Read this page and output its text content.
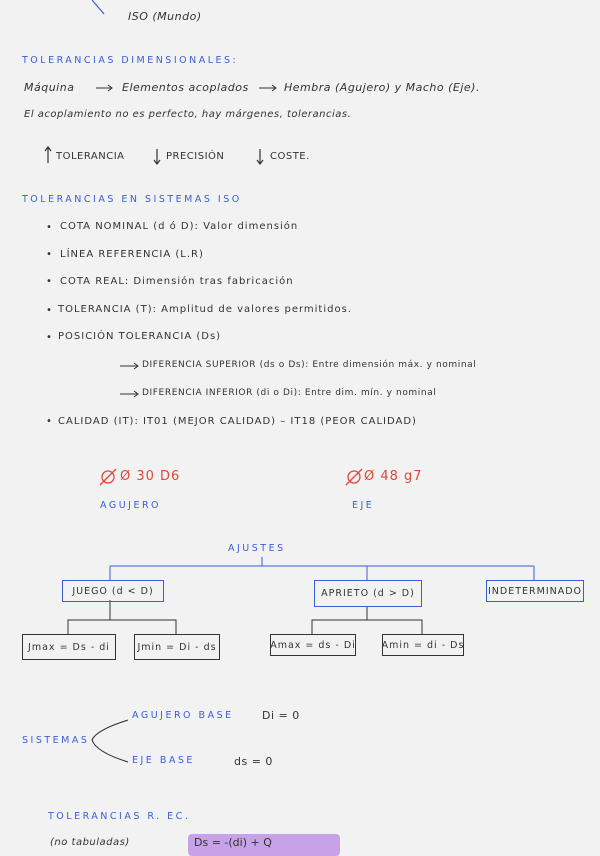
ISO (Mundo)
TOLERANCIAS DIMENSIONALES:
Máquina	Elementos acoplados	Hembra (Agujero) y Macho (Eje).
El acoplamiento no es perfecto, hay márgenes, tolerancias.
TOLERANCIA	PRECISIÓN	COSTE.
TOLERANCIAS EN SISTEMAS ISO
• COTA NOMINAL (d ó D): Valor dimensión
• LÍNEA REFERENCIA (L.R)
• COTA REAL: Dimensión tras fabricación
• TOLERANCIA (T): Amplitud de valores permitidos.
• POSICIÓN TOLERANCIA (Ds)
DIFERENCIA SUPERIOR (ds o Ds): Entre dimensión máx. y nominal
DIFERENCIA INFERIOR (di o Di): Entre dim. mín. y nominal
• CALIDAD (IT): IT01 (MEJOR CALIDAD) – IT18 (PEOR CALIDAD)
Ø 30 D6
AGUJERO
Ø 48 g7
EJE
AJUSTES
JUEGO (d < D)	APRIETO (d > D)	INDETERMINADO
Jmax = Ds - di	Jmin = Di - ds	Amax = ds - Di	Amin = di - Ds
SISTEMAS
AGUJERO BASE	Di = 0
EJE BASE	ds = 0
TOLERANCIAS R. EC.
(no tabuladas)	Ds = -(di) + Q
